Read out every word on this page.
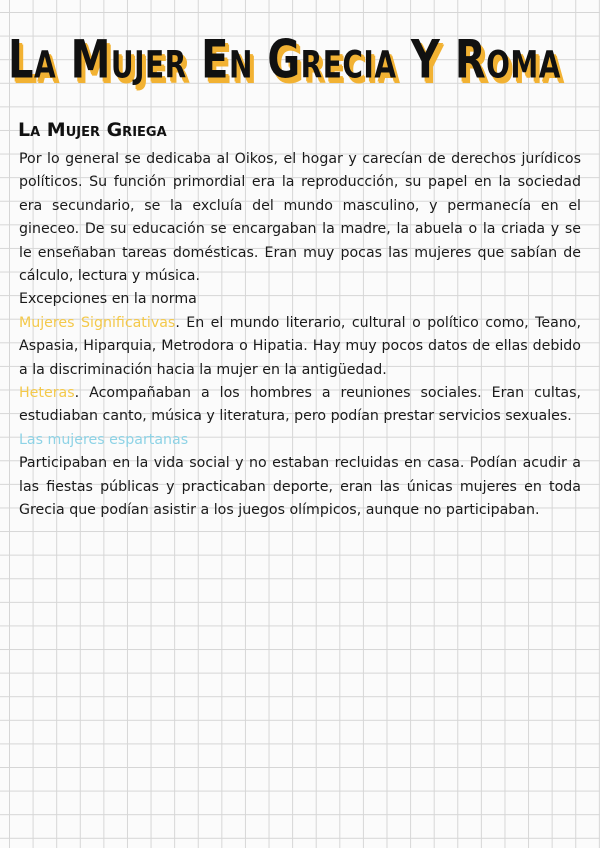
La Mujer En Grecia Y Roma
La Mujer Griega

Por lo general se dedicaba al Oikos, el hogar y carecían de derechos jurídicos políticos. Su función primordial era la reproducción, su papel en la sociedad era secundario, se la excluía del mundo masculino, y permanecía en el gineceo. De su educación se encargaban la madre, la abuela o la criada y se le enseñaban tareas domésticas. Eran muy pocas las mujeres que sabían de cálculo, lectura y música.

Excepciones en la norma

Mujeres Significativas. En el mundo literario, cultural o político como, Teano, Aspasia, Hiparquia, Metrodora o Hipatia. Hay muy pocos datos de ellas debido a la discriminación hacia la mujer en la antigüedad.

Heteras. Acompañaban a los hombres a reuniones sociales. Eran cultas, estudiaban canto, música y literatura, pero podían prestar servicios sexuales.

Las mujeres espartanas

Participaban en la vida social y no estaban recluidas en casa. Podían acudir a las fiestas públicas y practicaban deporte, eran las únicas mujeres en toda Grecia que podían asistir a los juegos olímpicos, aunque no participaban.
